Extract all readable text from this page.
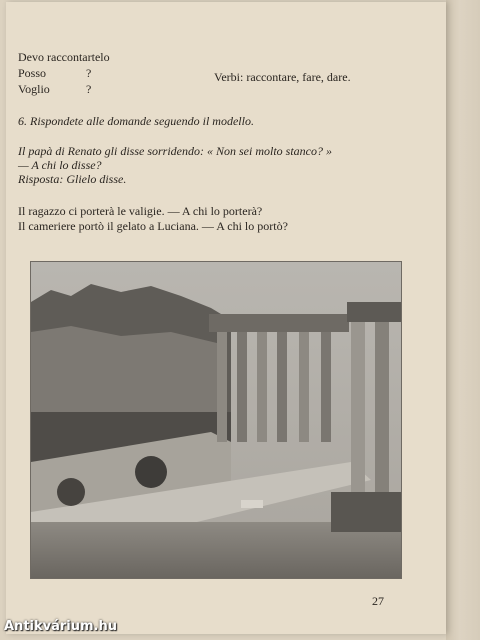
Devo raccontartelo
Posso	?	Verbi: raccontare, fare, dare.
Voglio	?
6. Rispondete alle domande seguendo il modello.
Il papà di Renato gli disse sorridendo: « Non sei molto stanco? »
— A chi lo disse?
Risposta: Glielo disse.
Il ragazzo ci porterà le valigie. — A chi lo porterà?
Il cameriere portò il gelato a Luciana. — A chi lo portò?
27
Antikvárium.hu
